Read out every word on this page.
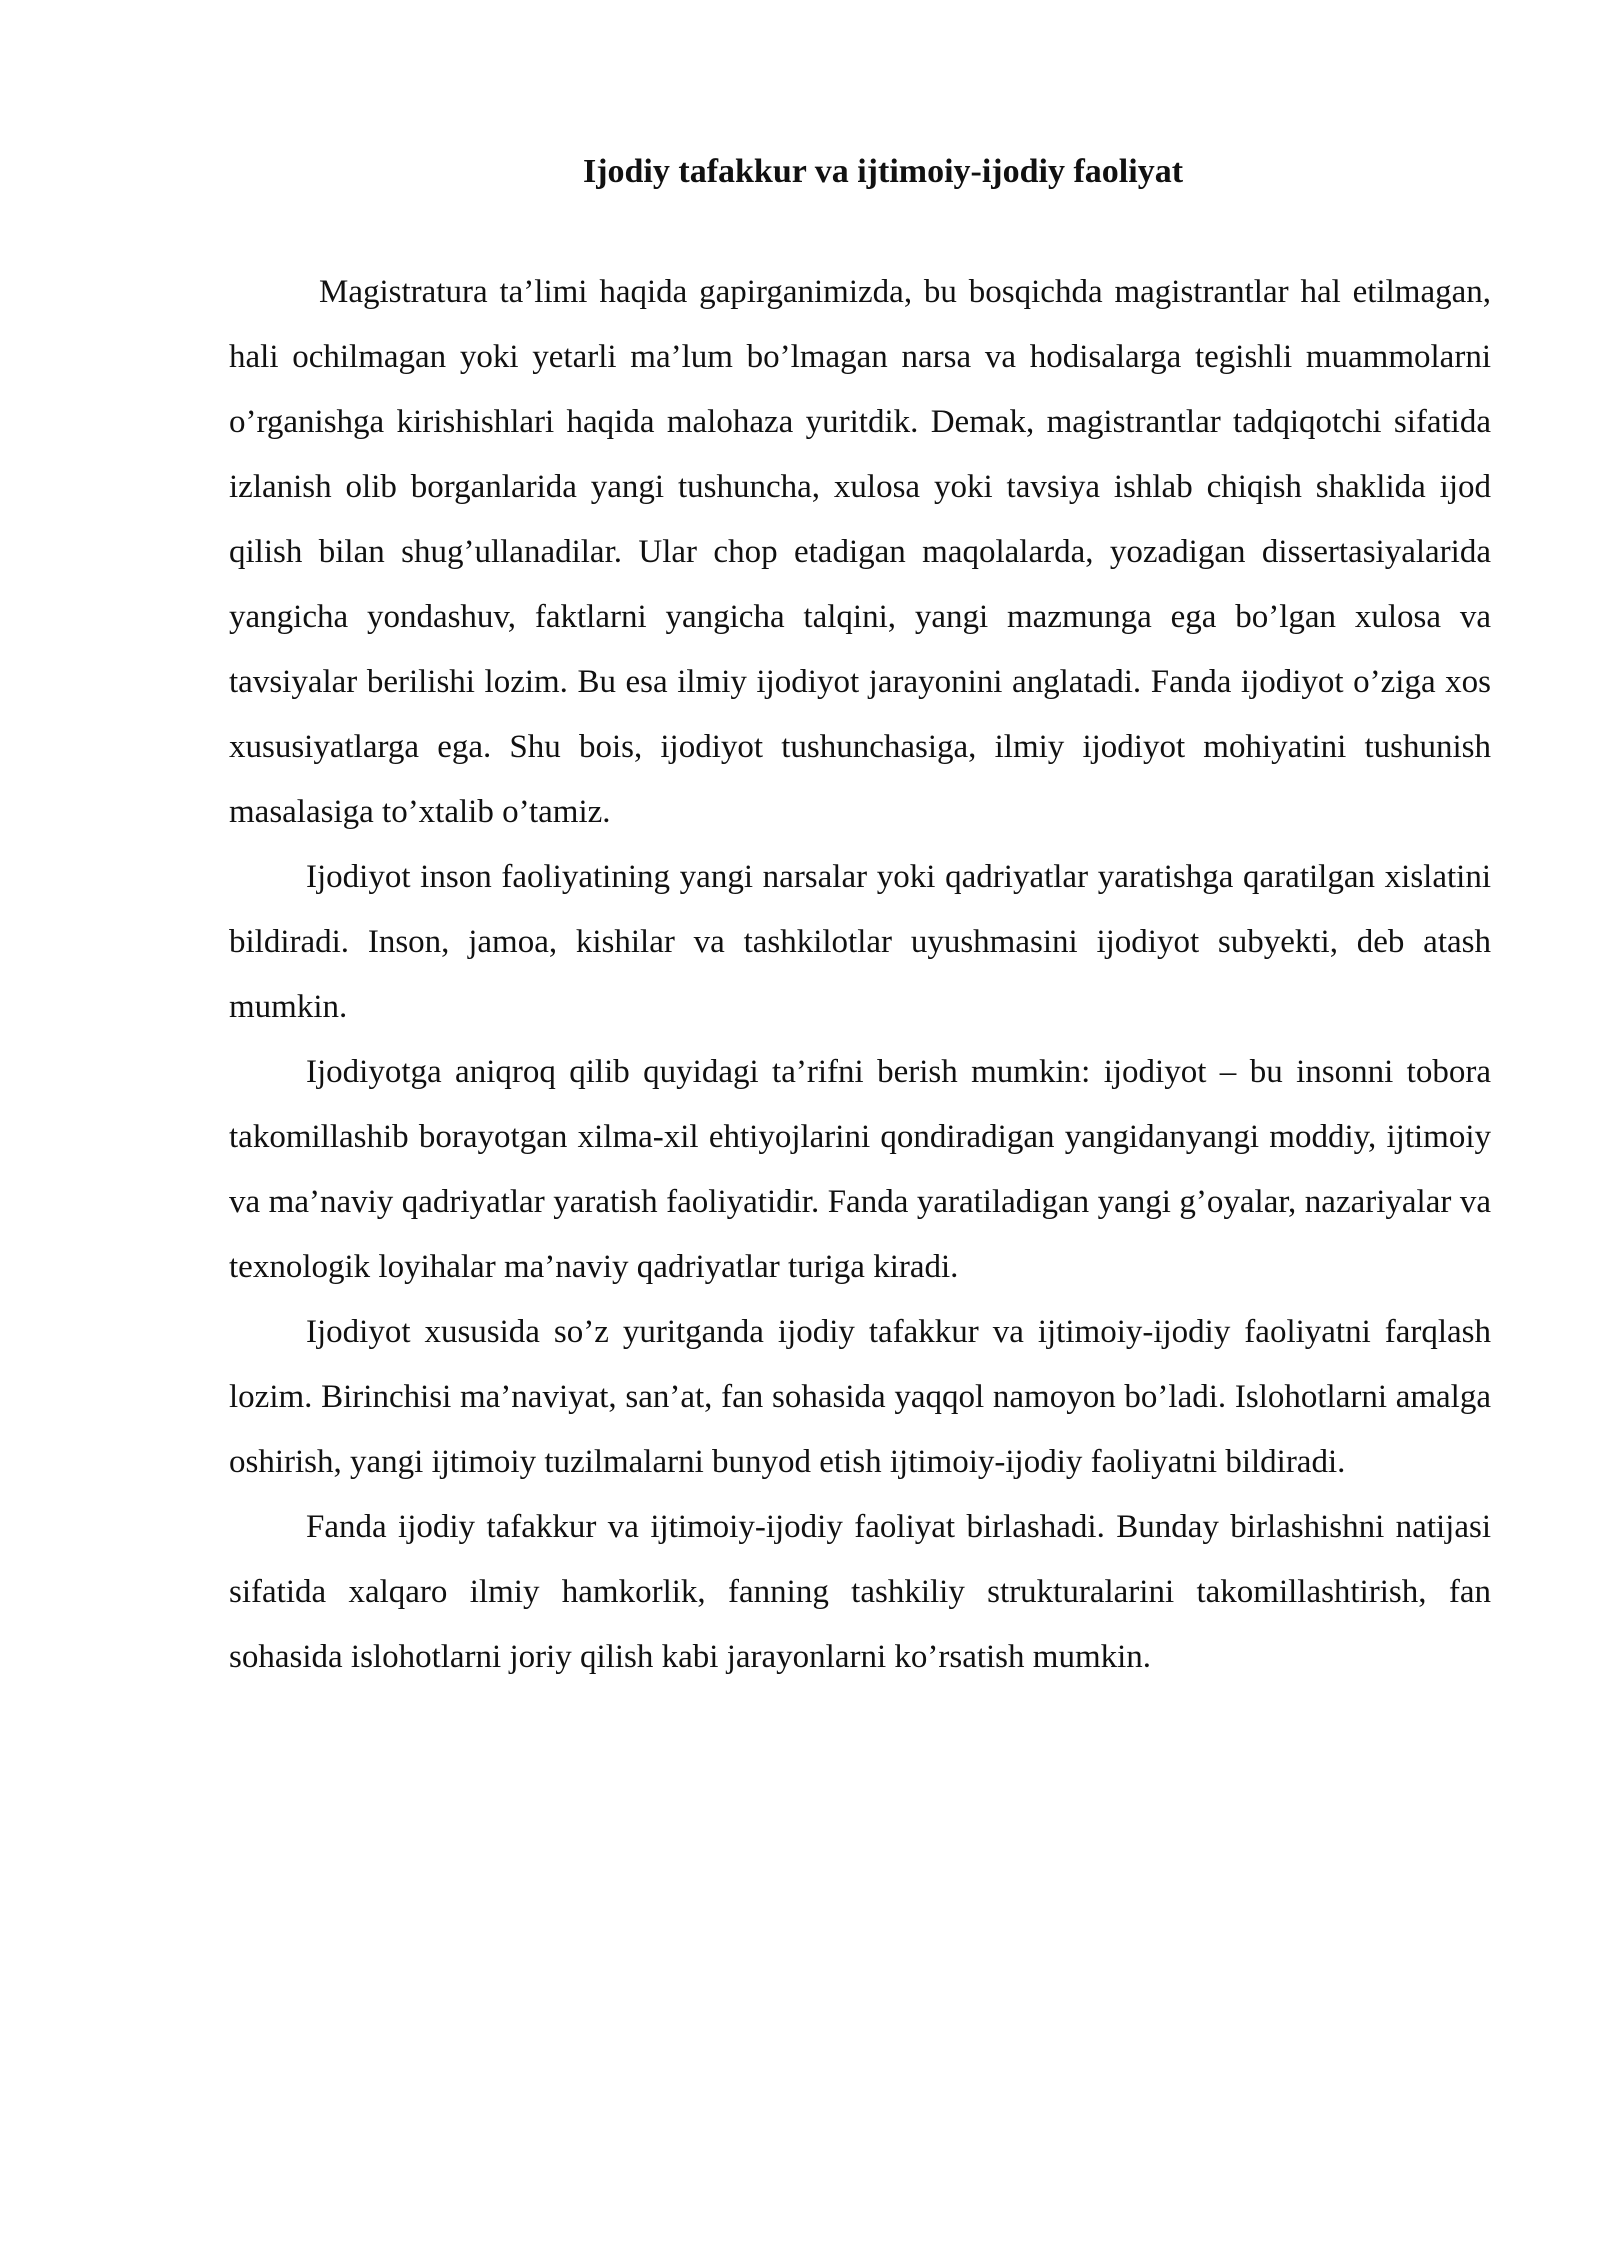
Ijodiy tafakkur va ijtimoiy-ijodiy faoliyat

Magistratura ta’limi haqida gapirganimizda, bu bosqichda magistrantlar hal etilmagan, hali ochilmagan yoki yetarli ma’lum bo’lmagan narsa va hodisalarga tegishli muammolarni o’rganishga kirishishlari haqida malohaza yuritdik. Demak, magistrantlar tadqiqotchi sifatida izlanish olib borganlarida yangi tushuncha, xulosa yoki tavsiya ishlab chiqish shaklida ijod qilish bilan shug’ullanadilar. Ular chop etadigan maqolalarda, yozadigan dissertasiyalarida yangicha yondashuv, faktlarni yangicha talqini, yangi mazmunga ega bo’lgan xulosa va tavsiyalar berilishi lozim. Bu esa ilmiy ijodiyot jarayonini anglatadi. Fanda ijodiyot o’ziga xos xususiyatlarga ega. Shu bois, ijodiyot tushunchasiga, ilmiy ijodiyot mohiyatini tushunish masalasiga to’xtalib o’tamiz.

Ijodiyot inson faoliyatining yangi narsalar yoki qadriyatlar yaratishga qaratilgan xislatini bildiradi. Inson, jamoa, kishilar va tashkilotlar uyushmasini ijodiyot subyekti, deb atash mumkin.

Ijodiyotga aniqroq qilib quyidagi ta’rifni berish mumkin: ijodiyot – bu insonni tobora takomillashib borayotgan xilma-xil ehtiyojlarini qondiradigan yangidanyangi moddiy, ijtimoiy va ma’naviy qadriyatlar yaratish faoliyatidir. Fanda yaratiladigan yangi g’oyalar, nazariyalar va texnologik loyihalar ma’naviy qadriyatlar turiga kiradi.

Ijodiyot xususida so’z yuritganda ijodiy tafakkur va ijtimoiy-ijodiy faoliyatni farqlash lozim. Birinchisi ma’naviyat, san’at, fan sohasida yaqqol namoyon bo’ladi. Islohotlarni amalga oshirish, yangi ijtimoiy tuzilmalarni bunyod etish ijtimoiy-ijodiy faoliyatni bildiradi.

Fanda ijodiy tafakkur va ijtimoiy-ijodiy faoliyat birlashadi. Bunday birlashishni natijasi sifatida xalqaro ilmiy hamkorlik, fanning tashkiliy strukturalarini takomillashtirish, fan sohasida islohotlarni joriy qilish kabi jarayonlarni ko’rsatish mumkin.
